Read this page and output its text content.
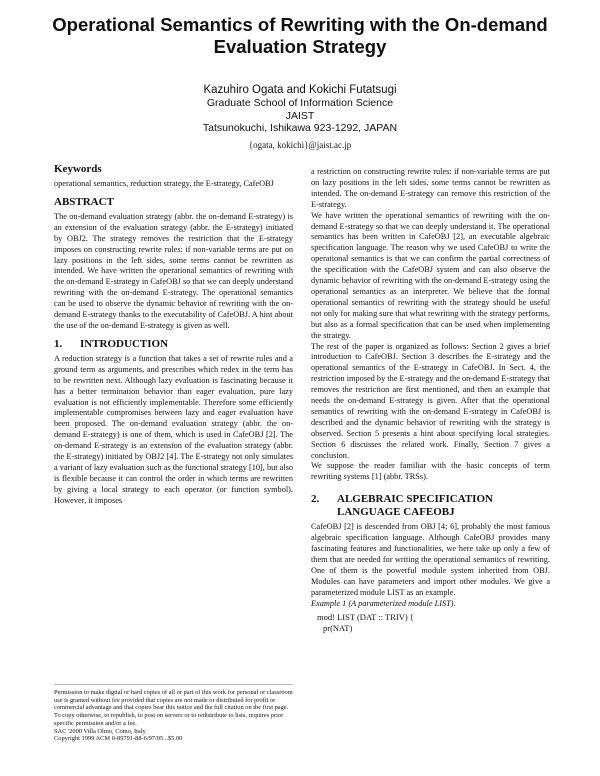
Operational Semantics of Rewriting with the On-demand
Evaluation Strategy
Kazuhiro Ogata and Kokichi Futatsugi
Graduate School of Information Science
JAIST
Tatsunokuchi, Ishikawa 923-1292, JAPAN
{ogata, kokichi}@jaist.ac.jp
Keywords

operational semantics, reduction strategy, the E-strategy, CafeOBJ

ABSTRACT

The on-demand evaluation strategy (abbr. the on-demand E-strategy) is an extension of the evaluation strategy (abbr. the E-strategy) initiated by OBJ2. The strategy removes the restriction that the E-strategy imposes on constructing rewrite rules: if non-variable terms are put on lazy positions in the left sides, some terms cannot be rewritten as intended. We have written the operational semantics of rewriting with the on-demand E-strategy in CafeOBJ so that we can deeply understand rewriting with the on-demand E-strategy. The operational semantics can be used to observe the dynamic behavior of rewriting with the on-demand E-strategy thanks to the executability of CafeOBJ. A hint about the use of the on-demand E-strategy is given as well.

1. INTRODUCTION

A reduction strategy is a function that takes a set of rewrite rules and a ground term as arguments, and prescribes which redex in the term has to be rewritten next. Although lazy evaluation is fascinating because it has a better termination behavior than eager evaluation, pure lazy evaluation is not efficiently implementable. Therefore some efficiently implementable compromises between lazy and eager evaluation have been proposed. The on-demand evaluation strategy (abbr. the on-demand E-strategy) is one of them, which is used in CafeOBJ [2]. The on-demand E-strategy is an extension of the evaluation strategy (abbr. the E-strategy) initiated by OBJ2 [4]. The E-strategy not only simulates a variant of lazy evaluation such as the functional strategy [10], but also is flexible because it can control the order in which terms are rewritten by giving a local strategy to each operator (or function symbol). However, it imposes

Permission to make digital or hard copies of all or part of this work for personal or classroom use is granted without fee provided that copies are not made or distributed for profit or commercial advantage and that copies bear this notice and the full citation on the first page. To copy otherwise, to republish, to post on servers or to redistribute to lists, requires prior specific permission and/or a fee.

SAC '2000 Villa Olmo, Como, Italy

Copyright 1999 ACM 0-89791-88-6/97/05 ..$5.00

a restriction on constructing rewrite rules: if non-variable terms are put on lazy positions in the left sides, some terms cannot be rewritten as intended. The on-demand E-strategy can remove this restriction of the E-strategy.

We have written the operational semantics of rewriting with the on-demand E-strategy so that we can deeply understand it. The operational semantics has been written in CafeOBJ [2], an executable algebraic specification language. The reason why we used CafeOBJ to write the operational semantics is that we can confirm the partial correctness of the specification with the CafeOBJ system and can also observe the dynamic behavior of rewriting with the on-demand E-strategy using the operational semantics as an interpreter. We believe that the formal operational semantics of rewriting with the strategy should be useful not only for making sure that what rewriting with the strategy performs, but also as a formal specification that can be used when implementing the strategy.

The rest of the paper is organized as follows: Section 2 gives a brief introduction to CafeOBJ. Section 3 describes the E-strategy and the operational semantics of the E-strategy in CafeOBJ. In Sect. 4, the restriction imposed by the E-strategy and the on-demand E-strategy that removes the restriction are first mentioned, and then an example that needs the on-demand E-strategy is given. After that the operational semantics of rewriting with the on-demand E-strategy in CafeOBJ is described and the dynamic behavior of rewriting with the strategy is observed. Section 5 presents a hint about specifying local strategies. Section 6 discusses the related work. Finally, Section 7 gives a conclusion.

We suppose the reader familiar with the basic concepts of term rewriting systems [1] (abbr. TRSs).

2. ALGEBRAIC SPECIFICATION
LANGUAGE CAFEOBJ

CafeOBJ [2] is descended from OBJ [4; 6], probably the most famous algebraic specification language. Although CafeOBJ provides many fascinating features and functionalities, we here take up only a few of them that are needed for writing the operational semantics of rewriting. One of them is the powerful module system inherited from OBJ. Modules can have parameters and import other modules. We give a parameterized module LIST as an example.

Example 1 (A parameterized module LIST).

mod! LIST (DAT :: TRIV) {
pr(NAT)
